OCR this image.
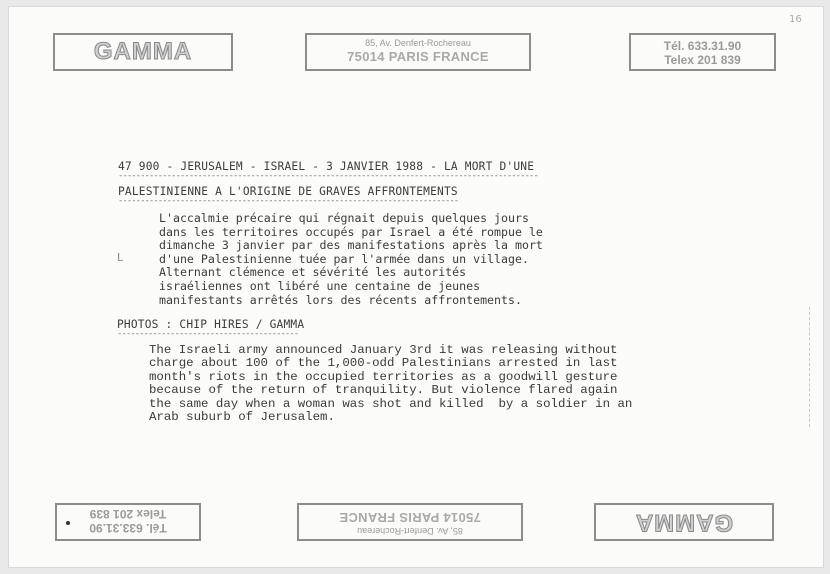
GAMMA	85, Av. Denfert-Rochereau
75014 PARIS FRANCE
Tél. 633.31.90
Telex 201 839
16
47 900 - JERUSALEM - ISRAEL - 3 JANVIER 1988 - LA MORT D'UNE
-----------------------------------------------------------------------------------------------
PALESTINIENNE A L'ORIGINE DE GRAVES AFFRONTEMENTS
-----------------------------------------------------------------------------
L
L'accalmie précaire qui régnait depuis quelques jours
dans les territoires occupés par Israel a été rompue le
dimanche 3 janvier par des manifestations après la mort
d'une Palestinienne tuée par l'armée dans un village.
Alternant clémence et sévérité les autorités
israéliennes ont libéré une centaine de jeunes
manifestants arrêtés lors des récents affrontements.
PHOTOS : CHIP HIRES / GAMMA
-----------------------------------------
The Israeli army announced January 3rd it was releasing without
charge about 100 of the 1,000-odd Palestinians arrested in last
month's riots in the occupied territories as a goodwill gesture
because of the return of tranquility. But violence flared again
the same day when a woman was shot and killed  by a soldier in an
Arab suburb of Jerusalem.
Tél. 633.31.90
Telex 201 839
85, Av. Denfert-Rochereau
75014 PARIS FRANCE	GAMMA
